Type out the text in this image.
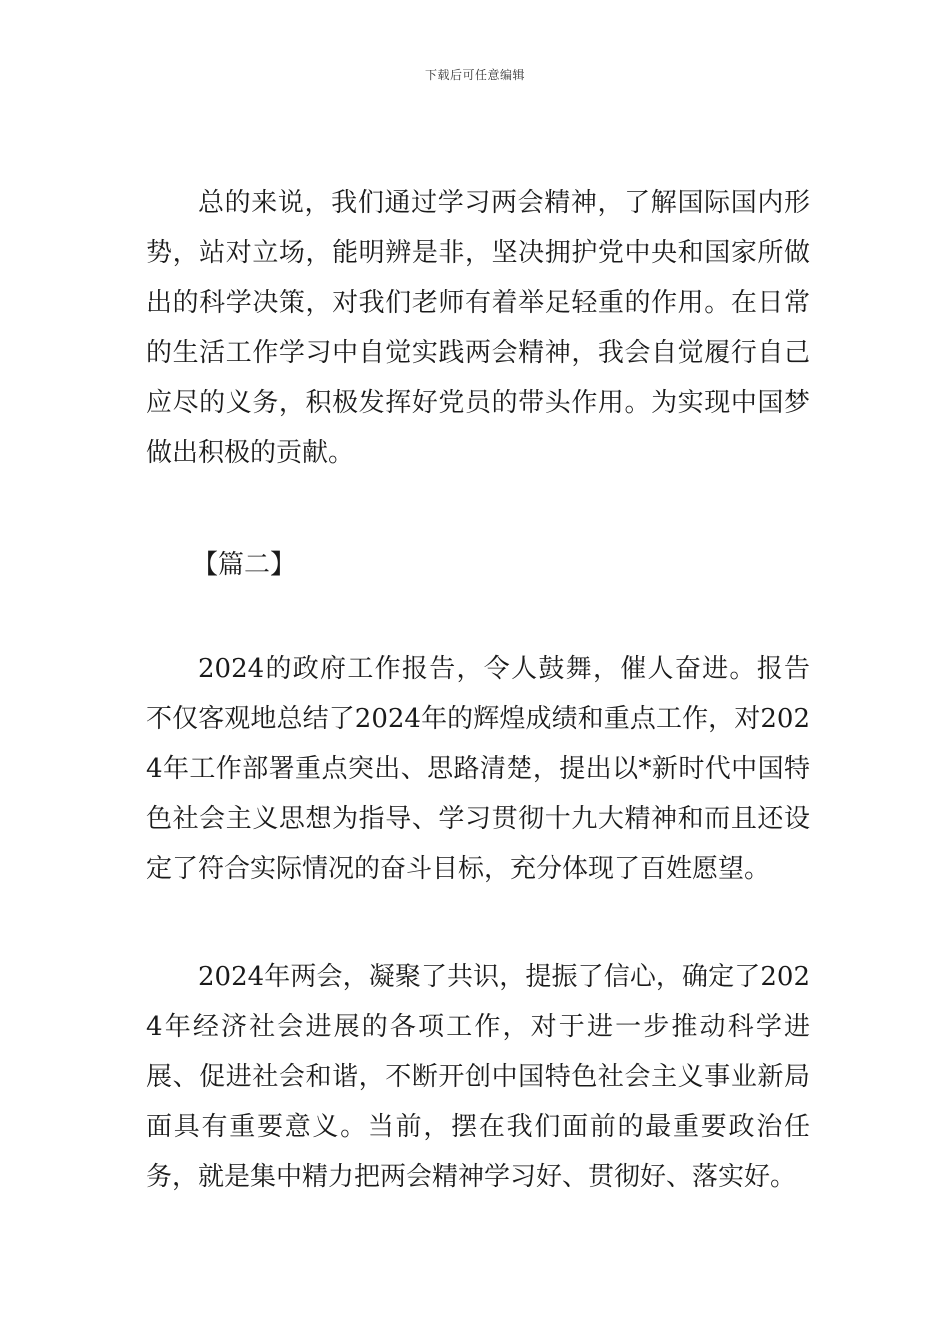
下载后可任意编辑

总的来说，我们通过学习两会精神，了解国际国内形势，站对立场，能明辨是非，坚决拥护党中央和国家所做出的科学决策，对我们老师有着举足轻重的作用。在日常的生活工作学习中自觉实践两会精神，我会自觉履行自己应尽的义务，积极发挥好党员的带头作用。为实现中国梦做出积极的贡献。

【篇二】

2024的政府工作报告，令人鼓舞，催人奋进。报告不仅客观地总结了2024年的辉煌成绩和重点工作，对2024年工作部署重点突出、思路清楚，提出以*新时代中国特色社会主义思想为指导、学习贯彻十九大精神和而且还设定了符合实际情况的奋斗目标，充分体现了百姓愿望。

2024年两会，凝聚了共识，提振了信心，确定了2024年经济社会进展的各项工作，对于进一步推动科学进展、促进社会和谐，不断开创中国特色社会主义事业新局面具有重要意义。当前，摆在我们面前的最重要政治任务，就是集中精力把两会精神学习好、贯彻好、落实好。
